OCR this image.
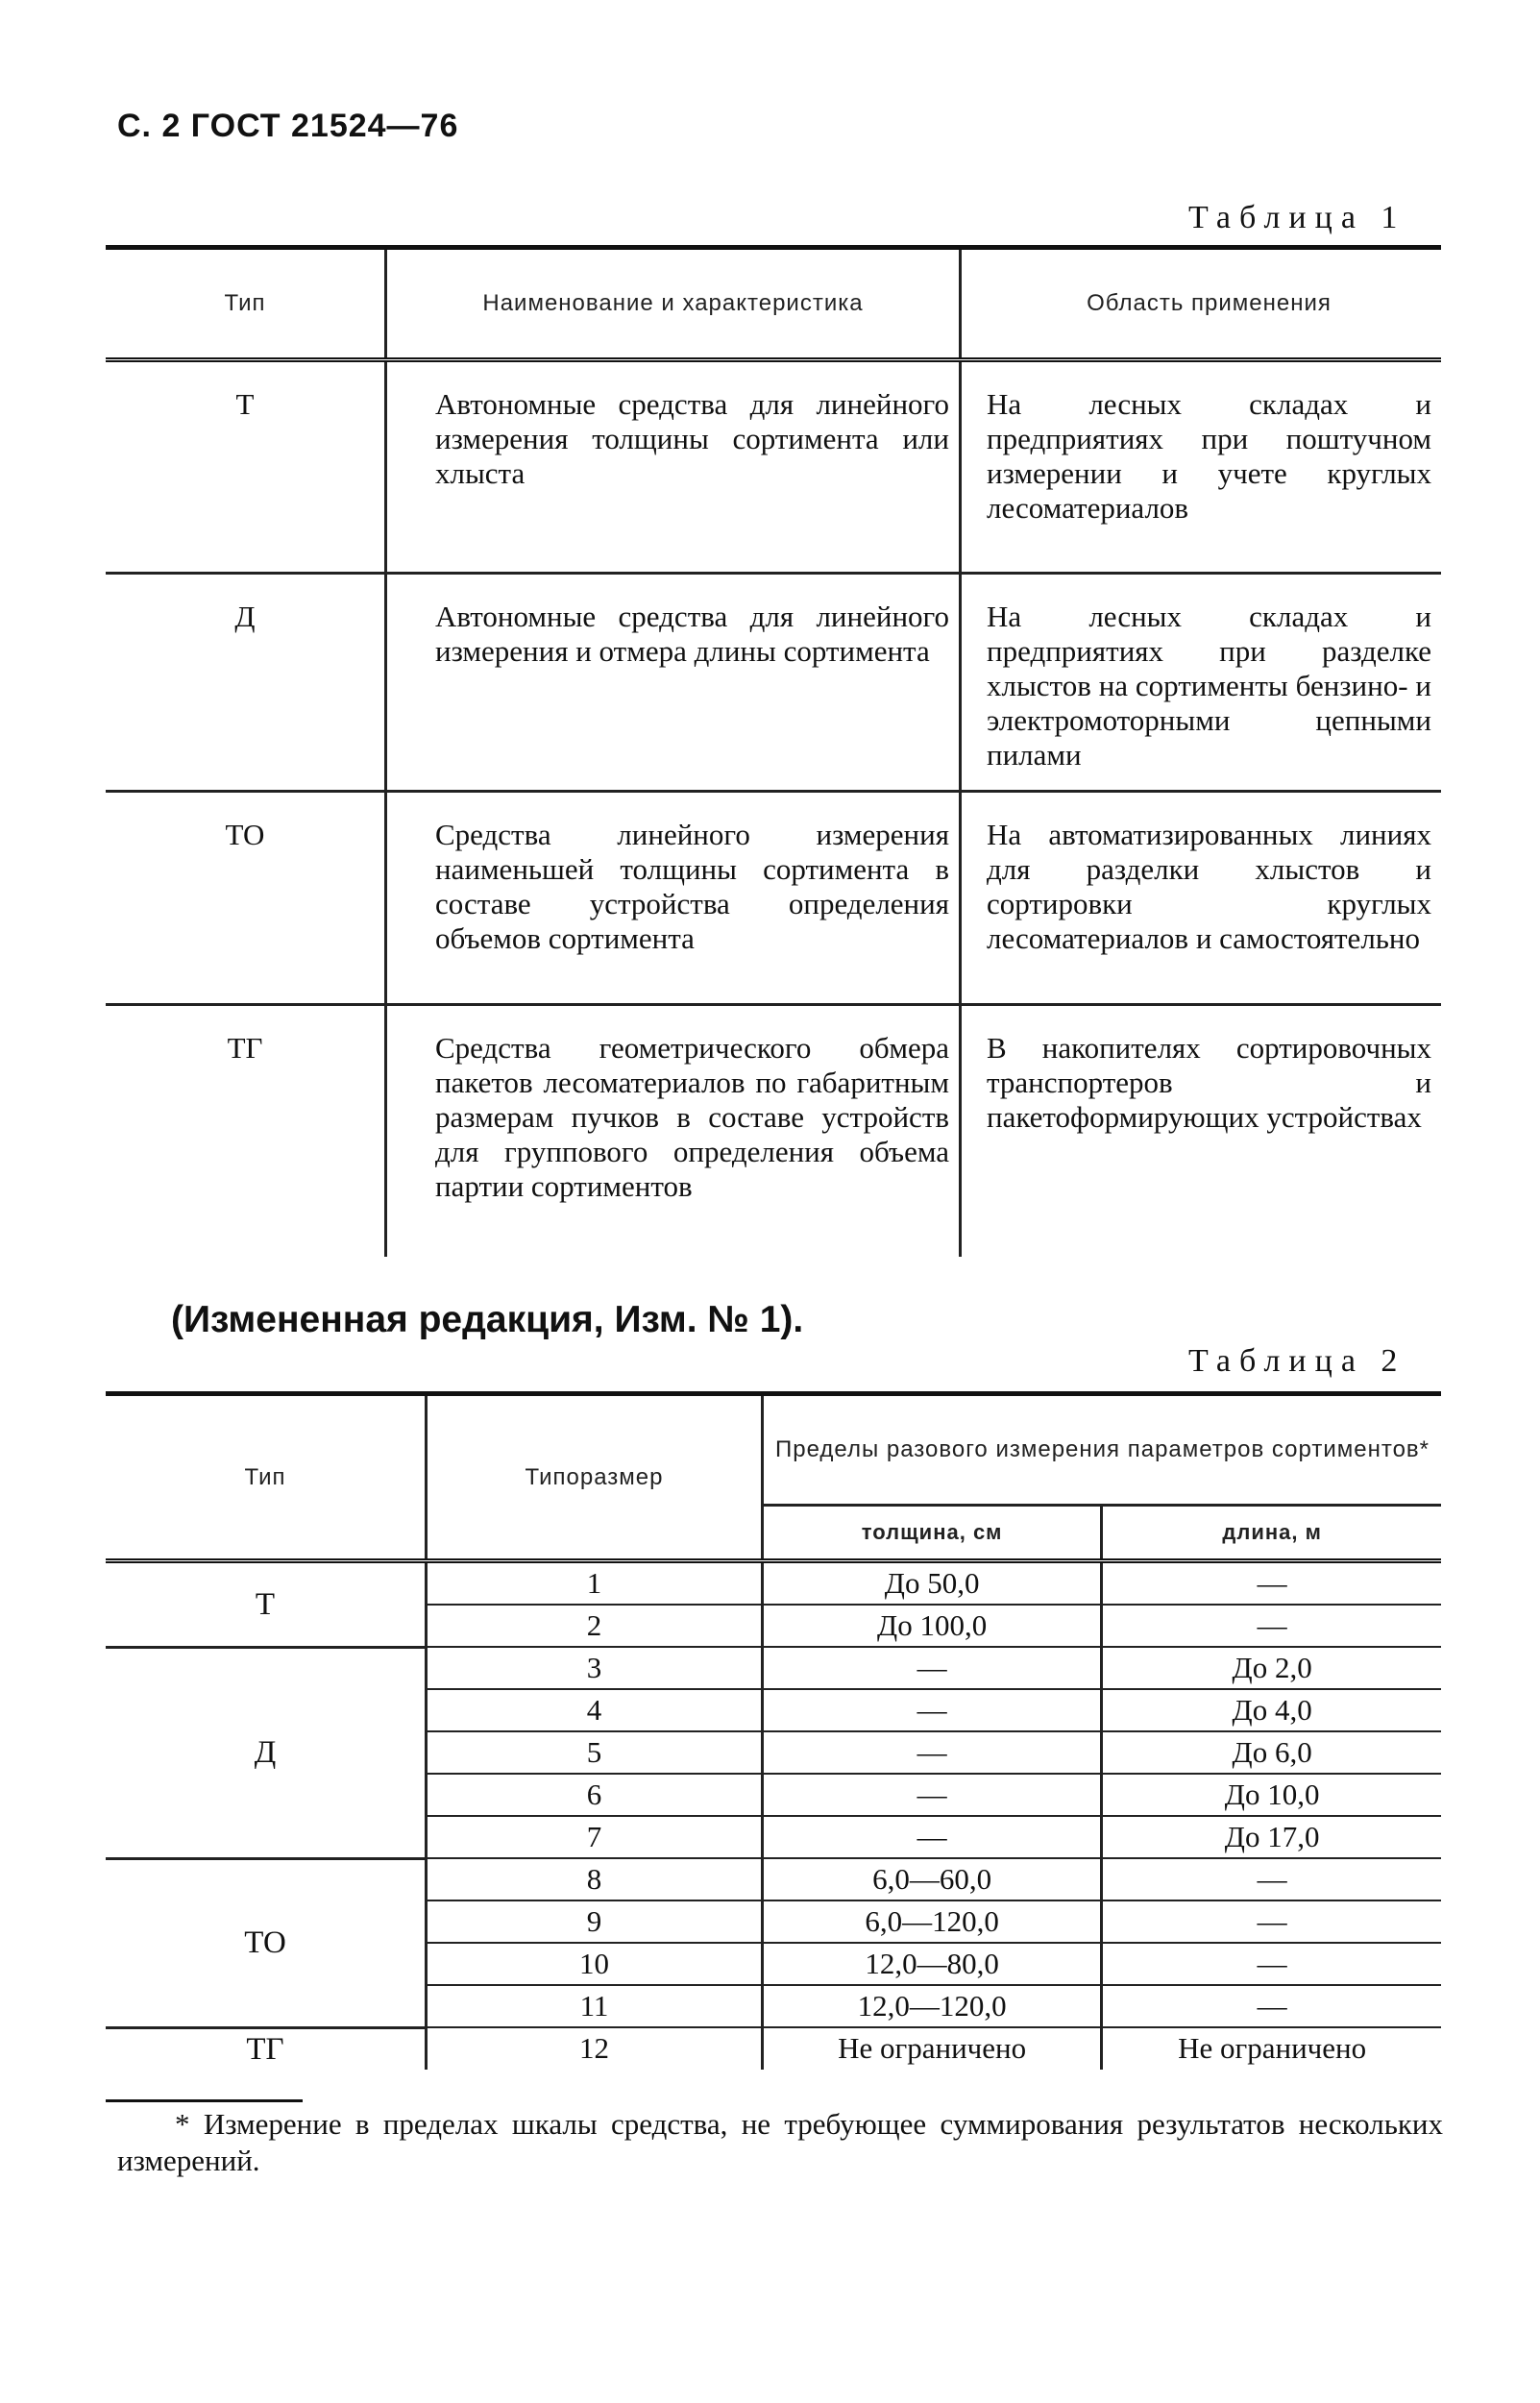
С. 2 ГОСТ 21524—76
Таблица 1
Тип	Наименование и характеристика	Область применения
Т	Автономные средства для линейного измерения толщины сортимента или хлыста	На лесных складах и предприятиях при поштучном измерении и учете круглых лесоматериалов
Д	Автономные средства для линейного измерения и отмера длины сортимента	На лесных складах и предприятиях при разделке хлыстов на сортименты бензино- и электромоторными цепными пилами
ТО	Средства линейного измерения наименьшей толщины сортимента в составе устройства определения объемов сортимента	На автоматизированных линиях для разделки хлыстов и сортировки круглых лесоматериалов и самостоятельно
ТГ	Средства геометрического обмера пакетов лесоматериалов по габаритным размерам пучков в составе устройств для группового определения объема партии сортиментов	В накопителях сортировочных транспортеров и пакетоформирующих устройствах
(Измененная редакция, Изм. № 1).
Таблица 2
Тип	Типоразмер	Пределы разового измерения параметров сортиментов*	
		толщина, см	длина, м
Т	1	До 50,0	—
	2	До 100,0	—
Д	3	—	До 2,0
	4	—	До 4,0
	5	—	До 6,0
	6	—	До 10,0
	7	—	До 17,0
ТО	8	6,0—60,0	—
	9	6,0—120,0	—
	10	12,0—80,0	—
	11	12,0—120,0	—
ТГ	12	Не ограничено	Не ограничено

* Измерение в пределах шкалы средства, не требующее суммирования результатов нескольких измерений.
